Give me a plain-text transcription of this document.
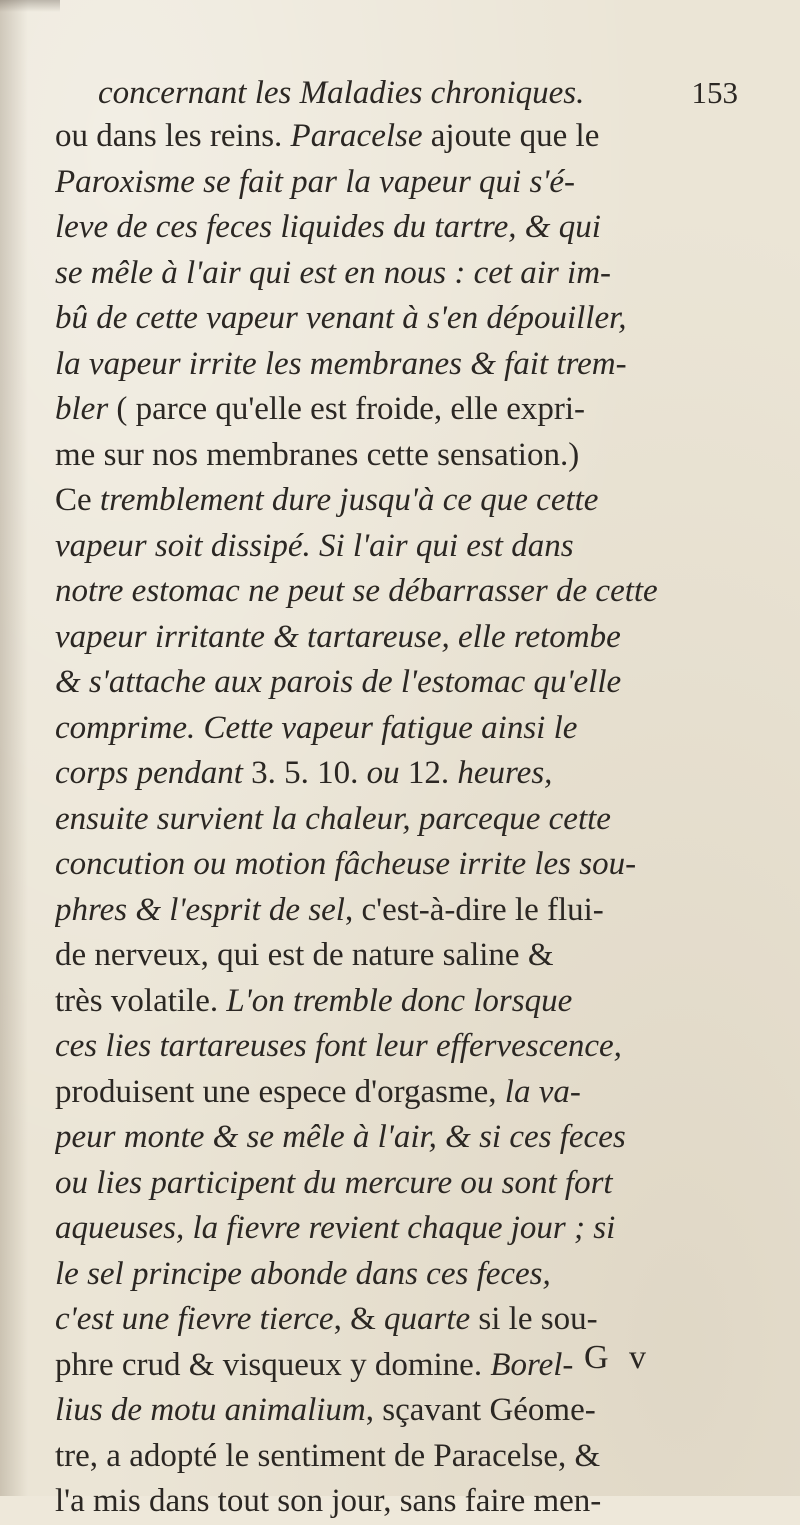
concernant les Maladies chroniques.	153
ou dans les reins. Paracelse ajoute que le
Paroxisme se fait par la vapeur qui s'é-
leve de ces feces liquides du tartre, & qui
se mêle à l'air qui est en nous : cet air im-
bû de cette vapeur venant à s'en dépouiller,
la vapeur irrite les membranes & fait trem-
bler ( parce qu'elle est froide, elle expri-
me sur nos membranes cette sensation.)
Ce tremblement dure jusqu'à ce que cette
vapeur soit dissipé. Si l'air qui est dans
notre estomac ne peut se débarrasser de cette
vapeur irritante & tartareuse, elle retombe
& s'attache aux parois de l'estomac qu'elle
comprime. Cette vapeur fatigue ainsi le
corps pendant 3. 5. 10. ou 12. heures,
ensuite survient la chaleur, parceque cette
concution ou motion fâcheuse irrite les sou-
phres & l'esprit de sel, c'est-à-dire le flui-
de nerveux, qui est de nature saline &
très volatile. L'on tremble donc lorsque
ces lies tartareuses font leur effervescence,
produisent une espece d'orgasme, la va-
peur monte & se mêle à l'air, & si ces feces
ou lies participent du mercure ou sont fort
aqueuses, la fievre revient chaque jour ; si
le sel principe abonde dans ces feces,
c'est une fievre tierce, & quarte si le sou-
phre crud & visqueux y domine. Borel-
lius de motu animalium, sçavant Géome-
tre, a adopté le sentiment de Paracelse, &
l'a mis dans tout son jour, sans faire men-
G v
